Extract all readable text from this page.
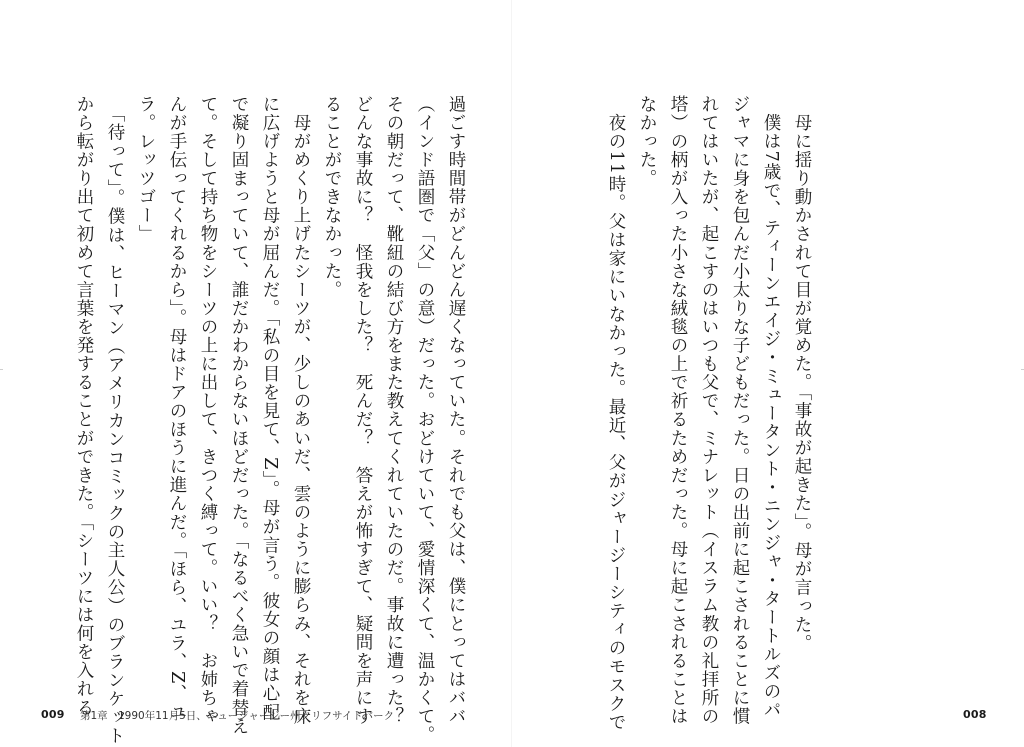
過ごす時間帯がどんどん遅くなっていた。それでも父は、僕にとってはババ
（インド語圏で「父」の意）だった。おどけていて、愛情深くて、温かくて。
その朝だって、靴紐の結び方をまた教えてくれていたのだ。事故に遭った？
どんな事故に？　怪我をした？　死んだ？　答えが怖すぎて、疑問を声にす
ることができなかった。
　母がめくり上げたシーツが、少しのあいだ、雲のように膨らみ、それを床
に広げようと母が屈んだ。「私の目を見て、Z」。母が言う。彼女の顔は心配
で凝り固まっていて、誰だかわからないほどだった。「なるべく急いで着替え
て。そして持ち物をシーツの上に出して、きつく縛って。いい？　お姉ちゃ
んが手伝ってくれるから」。母はドアのほうに進んだ。「ほら、ユラ、Z、ユ
ラ。レッツゴー」
　「待って」。僕は、ヒーマン（アメリカンコミックの主人公）のブランケット
から転がり出て初めて言葉を発することができた。「シーツには何を入れる
009 第1章 1990年11月5日、ニュージャージー州クリフサイドパーク
　母に揺り動かされて目が覚めた。「事故が起きた」。母が言った。
　僕は7歳で、ティーンエイジ・ミュータント・ニンジャ・タートルズのパ
ジャマに身を包んだ小太りな子どもだった。日の出前に起こされることに慣
れてはいたが、起こすのはいつも父で、ミナレット（イスラム教の礼拝所の
塔）の柄が入った小さな絨毯の上で祈るためだった。母に起こされることは
なかった。
　夜の11時。父は家にいなかった。最近、父がジャージーシティのモスクで	008
